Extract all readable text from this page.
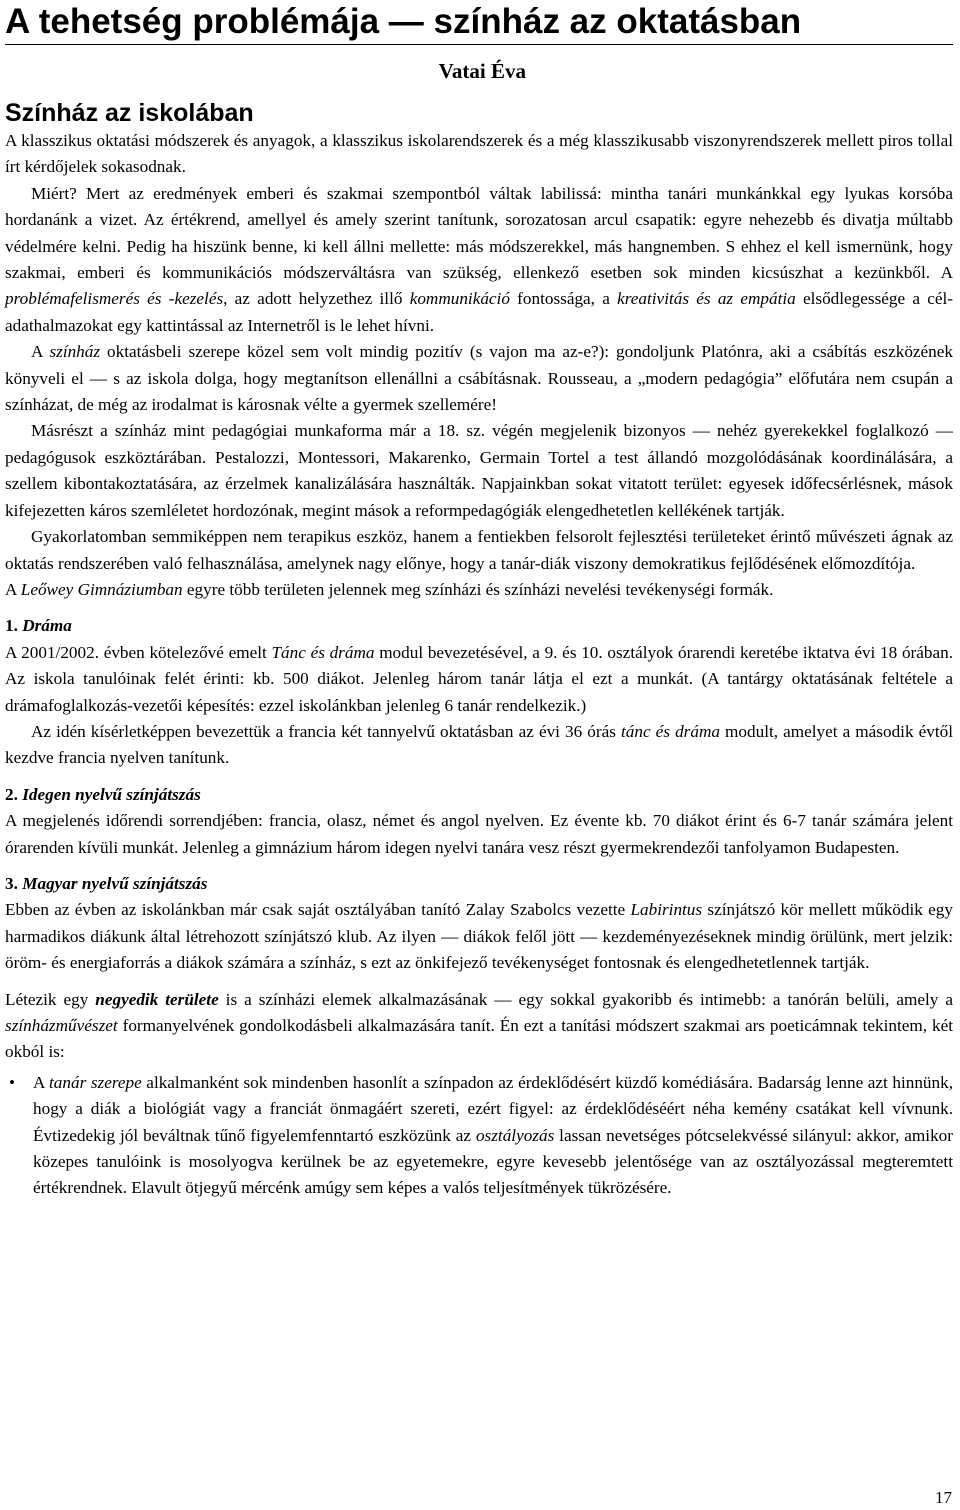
A tehetség problémája — színház az oktatásban
Vatai Éva
Színház az iskolában

A klasszikus oktatási módszerek és anyagok, a klasszikus iskolarendszerek és a még klasszikusabb viszonyrendszerek mellett piros tollal írt kérdőjelek sokasodnak.

Miért? Mert az eredmények emberi és szakmai szempontból váltak labilissá: mintha tanári munkánkkal egy lyukas korsóba hordanánk a vizet. Az értékrend, amellyel és amely szerint tanítunk, sorozatosan arcul csapatik: egyre nehezebb és divatja múltabb védelmére kelni. Pedig ha hiszünk benne, ki kell állni mellette: más módszerekkel, más hangnemben. S ehhez el kell ismernünk, hogy szakmai, emberi és kommunikációs módszerváltásra van szükség, ellenkező esetben sok minden kicsúszhat a kezünkből. A problémafelismerés és -kezelés, az adott helyzethez illő kommunikáció fontossága, a kreativitás és az empátia elsődlegessége a cél-adathalmazokat egy kattintással az Internetről is le lehet hívni.

A színház oktatásbeli szerepe közel sem volt mindig pozitív (s vajon ma az-e?): gondoljunk Platónra, aki a csábítás eszközének könyveli el — s az iskola dolga, hogy megtanítson ellenállni a csábításnak. Rousseau, a „modern pedagógia” előfutára nem csupán a színházat, de még az irodalmat is károsnak vélte a gyermek szellemére!

Másrészt a színház mint pedagógiai munkaforma már a 18. sz. végén megjelenik bizonyos — nehéz gyerekekkel foglalkozó — pedagógusok eszköztárában. Pestalozzi, Montessori, Makarenko, Germain Tortel a test állandó mozgolódásának koordinálására, a szellem kibontakoztatására, az érzelmek kanalizálására használták. Napjainkban sokat vitatott terület: egyesek időfecsérlésnek, mások kifejezetten káros szemléletet hordozónak, megint mások a reformpedagógiák elengedhetetlen kellékének tartják.

Gyakorlatomban semmiképpen nem terapikus eszköz, hanem a fentiekben felsorolt fejlesztési területeket érintő művészeti ágnak az oktatás rendszerében való felhasználása, amelynek nagy előnye, hogy a tanár-diák viszony demokratikus fejlődésének előmozdítója.

A Leőwey Gimnáziumban egyre több területen jelennek meg színházi és színházi nevelési tevékenységi formák.

1. Dráma

A 2001/2002. évben kötelezővé emelt Tánc és dráma modul bevezetésével, a 9. és 10. osztályok órarendi keretébe iktatva évi 18 órában. Az iskola tanulóinak felét érinti: kb. 500 diákot. Jelenleg három tanár látja el ezt a munkát. (A tantárgy oktatásának feltétele a drámafoglalkozás-vezetői képesítés: ezzel iskolánkban jelenleg 6 tanár rendelkezik.)

Az idén kísérletképpen bevezettük a francia két tannyelvű oktatásban az évi 36 órás tánc és dráma modult, amelyet a második évtől kezdve francia nyelven tanítunk.

2. Idegen nyelvű színjátszás

A megjelenés időrendi sorrendjében: francia, olasz, német és angol nyelven. Ez évente kb. 70 diákot érint és 6-7 tanár számára jelent órarenden kívüli munkát. Jelenleg a gimnázium három idegen nyelvi tanára vesz részt gyermekrendezői tanfolyamon Budapesten.

3. Magyar nyelvű színjátszás

Ebben az évben az iskolánkban már csak saját osztályában tanító Zalay Szabolcs vezette Labirintus színjátszó kör mellett működik egy harmadikos diákunk által létrehozott színjátszó klub. Az ilyen — diákok felől jött — kezdeményezéseknek mindig örülünk, mert jelzik: öröm- és energiaforrás a diákok számára a színház, s ezt az önkifejező tevékenységet fontosnak és elengedhetetlennek tartják.

Létezik egy negyedik területe is a színházi elemek alkalmazásának — egy sokkal gyakoribb és intimebb: a tanórán belüli, amely a színházművészet formanyelvének gondolkodásbeli alkalmazására tanít. Én ezt a tanítási módszert szakmai ars poeticámnak tekintem, két okból is:

• A tanár szerepe alkalmanként sok mindenben hasonlít a színpadon az érdeklődésért küzdő komédiására. Badarság lenne azt hinnünk, hogy a diák a biológiát vagy a franciát önmagáért szereti, ezért figyel: az érdeklődéséért néha kemény csatákat kell vívnunk. Évtizedekig jól beváltnak tűnő figyelemfenntartó eszközünk az osztályozás lassan nevetséges pótcselekvéssé silányul: akkor, amikor közepes tanulóink is mosolyogva kerülnek be az egyetemekre, egyre kevesebb jelentősége van az osztályozással megteremtett értékrendnek. Elavult ötjegyű mércénk amúgy sem képes a valós teljesítmények tükrözésére.
17
